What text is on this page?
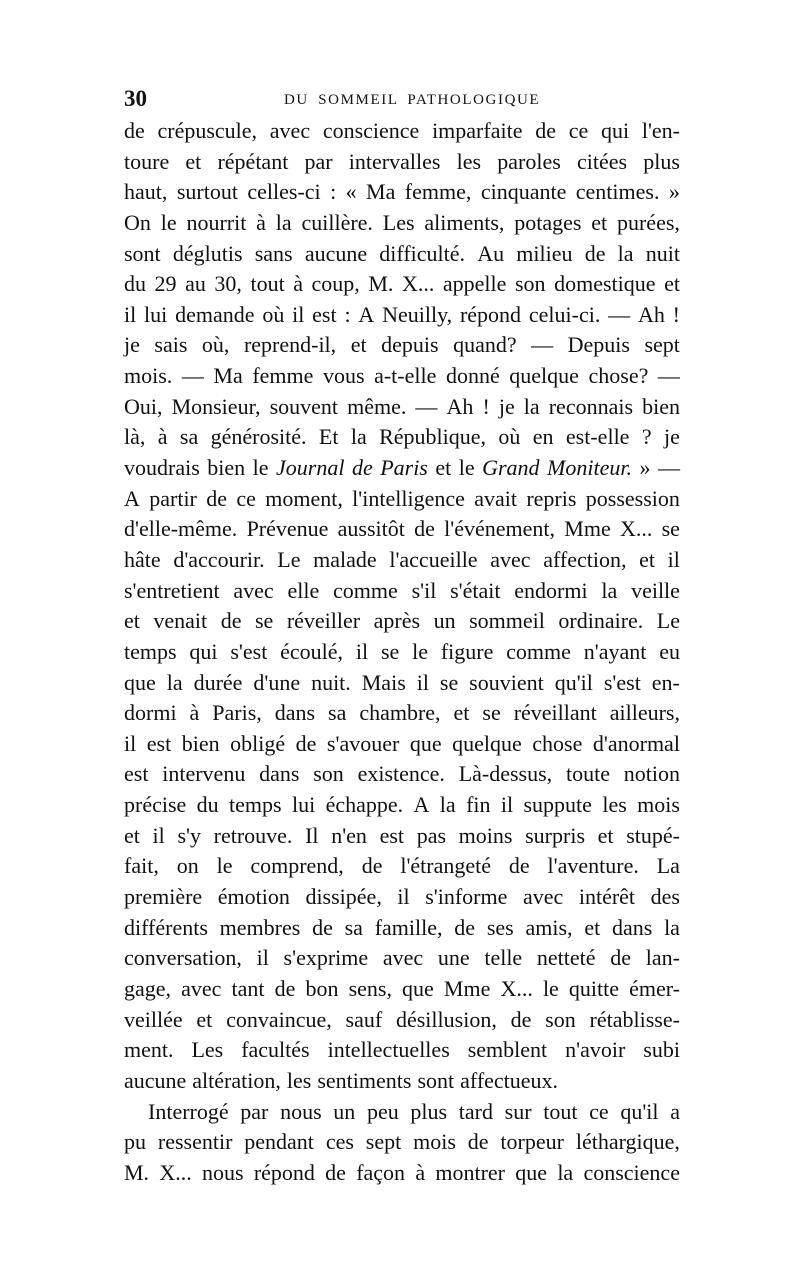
30	DU SOMMEIL PATHOLOGIQUE
de crépuscule, avec conscience imparfaite de ce qui l'en-
toure et répétant par intervalles les paroles citées plus
haut, surtout celles-ci : « Ma femme, cinquante centimes. »
On le nourrit à la cuillère. Les aliments, potages et purées,
sont déglutis sans aucune difficulté. Au milieu de la nuit
du 29 au 30, tout à coup, M. X... appelle son domestique et
il lui demande où il est : A Neuilly, répond celui-ci. — Ah !
je sais où, reprend-il, et depuis quand? — Depuis sept
mois. — Ma femme vous a-t-elle donné quelque chose? —
Oui, Monsieur, souvent même. — Ah ! je la reconnais bien
là, à sa générosité. Et la République, où en est-elle ? je
voudrais bien le Journal de Paris et le Grand Moniteur. » —
A partir de ce moment, l'intelligence avait repris possession
d'elle-même. Prévenue aussitôt de l'événement, Mme X... se
hâte d'accourir. Le malade l'accueille avec affection, et il
s'entretient avec elle comme s'il s'était endormi la veille
et venait de se réveiller après un sommeil ordinaire. Le
temps qui s'est écoulé, il se le figure comme n'ayant eu
que la durée d'une nuit. Mais il se souvient qu'il s'est en-
dormi à Paris, dans sa chambre, et se réveillant ailleurs,
il est bien obligé de s'avouer que quelque chose d'anormal
est intervenu dans son existence. Là-dessus, toute notion
précise du temps lui échappe. A la fin il suppute les mois
et il s'y retrouve. Il n'en est pas moins surpris et stupé-
fait, on le comprend, de l'étrangeté de l'aventure. La
première émotion dissipée, il s'informe avec intérêt des
différents membres de sa famille, de ses amis, et dans la
conversation, il s'exprime avec une telle netteté de lan-
gage, avec tant de bon sens, que Mme X... le quitte émer-
veillée et convaincue, sauf désillusion, de son rétablisse-
ment. Les facultés intellectuelles semblent n'avoir subi
aucune altération, les sentiments sont affectueux.
Interrogé par nous un peu plus tard sur tout ce qu'il a
pu ressentir pendant ces sept mois de torpeur léthargique,
M. X... nous répond de façon à montrer que la conscience
